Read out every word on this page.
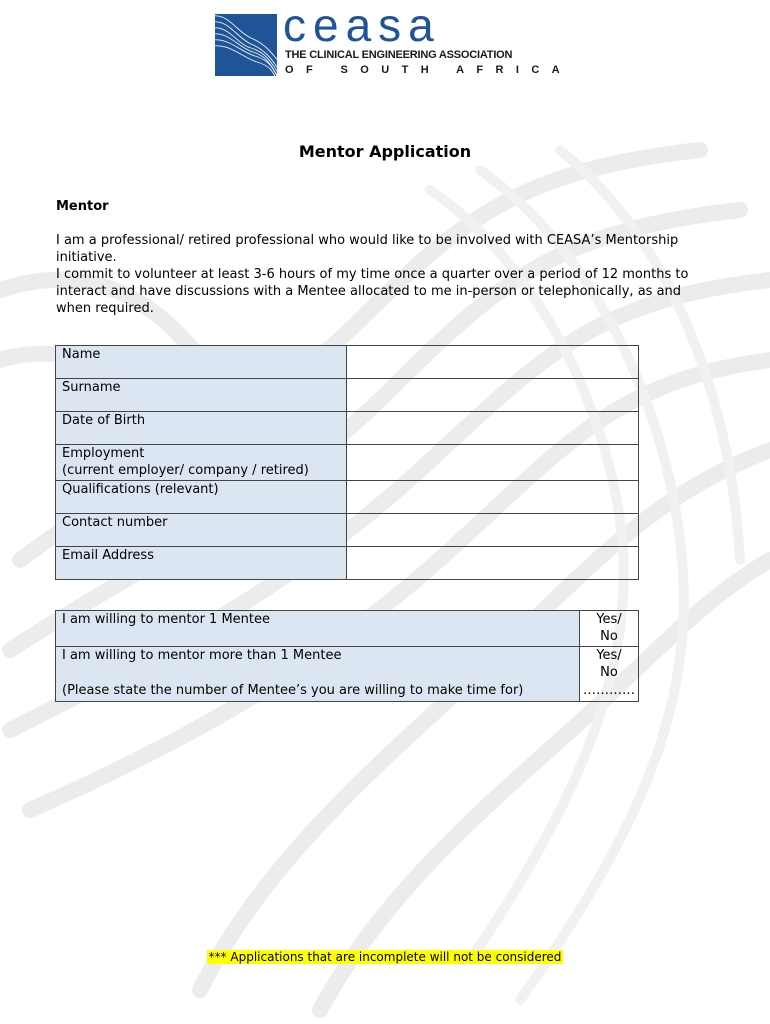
ceasa
THE CLINICAL ENGINEERING ASSOCIATION
OF SOUTH AFRICA
Mentor Application
Mentor

I am a professional/ retired professional who would like to be involved with CEASA’s Mentorship initiative.

I commit to volunteer at least 3-6 hours of my time once a quarter over a period of 12 months to interact and have discussions with a Mentee allocated to me in-person or telephonically, as and when required.

Name	
Surname	
Date of Birth	

Employment
(current employer/ company / retired)	

Qualifications (relevant)	
Contact number	
Email Address	
I am willing to mentor 1 Mentee	Yes/
No

I am willing to mentor more than 1 Mentee	Yes/
No

(Please state the number of Mentee’s you are willing to make time for)	…………
*** Applications that are incomplete will not be considered
